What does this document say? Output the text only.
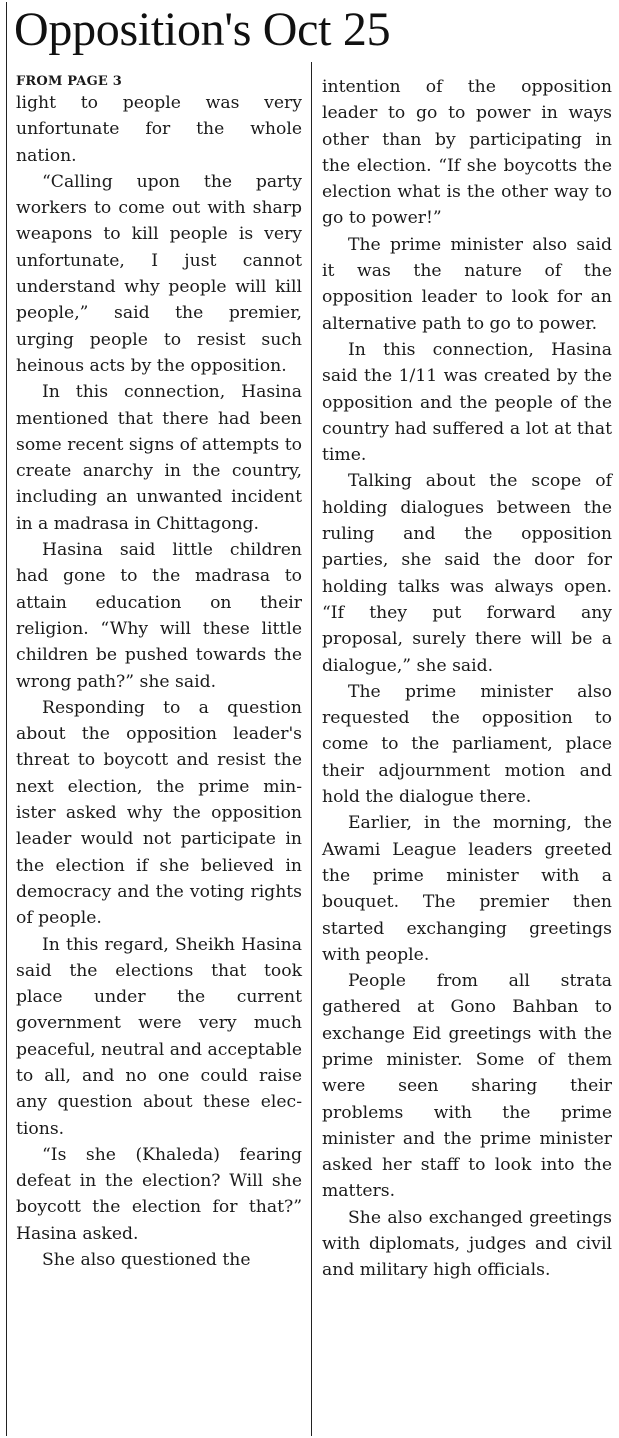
Opposition's Oct 25
FROM PAGE 3

light to people was very unfortunate for the whole nation.

“Calling upon the party workers to come out with sharp weapons to kill people is very unfortunate, I just cannot understand why people will kill people,” said the premier, urging people to resist such heinous acts by the opposition.

In this connection, Hasina mentioned that there had been some recent signs of attempts to create anarchy in the country, including an unwanted incident in a madrasa in Chittagong.

Hasina said little children had gone to the madrasa to attain education on their religion. “Why will these little children be pushed towards the wrong path?” she said.

Responding to a question about the opposition leader's threat to boycott and resist the next election, the prime minister asked why the opposition leader would not participate in the election if she believed in democracy and the voting rights of people.

In this regard, Sheikh Hasina said the elections that took place under the current government were very much peaceful, neutral and acceptable to all, and no one could raise any question about these elections.

“Is she (Khaleda) fearing defeat in the election? Will she boycott the election for that?” Hasina asked.

She also questioned the

intention of the opposition leader to go to power in ways other than by participating in the election. “If she boycotts the election what is the other way to go to power!”

The prime minister also said it was the nature of the opposition leader to look for an alternative path to go to power.

In this connection, Hasina said the 1/11 was created by the opposition and the people of the country had suffered a lot at that time.

Talking about the scope of holding dialogues between the ruling and the opposition parties, she said the door for holding talks was always open. “If they put forward any proposal, surely there will be a dialogue,” she said.

The prime minister also requested the opposition to come to the parliament, place their adjournment motion and hold the dialogue there.

Earlier, in the morning, the Awami League leaders greeted the prime minister with a bouquet. The premier then started exchanging greetings with people.

People from all strata gathered at Gono Bahban to exchange Eid greetings with the prime minister. Some of them were seen sharing their problems with the prime minister and the prime minister asked her staff to look into the matters.

She also exchanged greetings with diplomats, judges and civil and military high officials.
